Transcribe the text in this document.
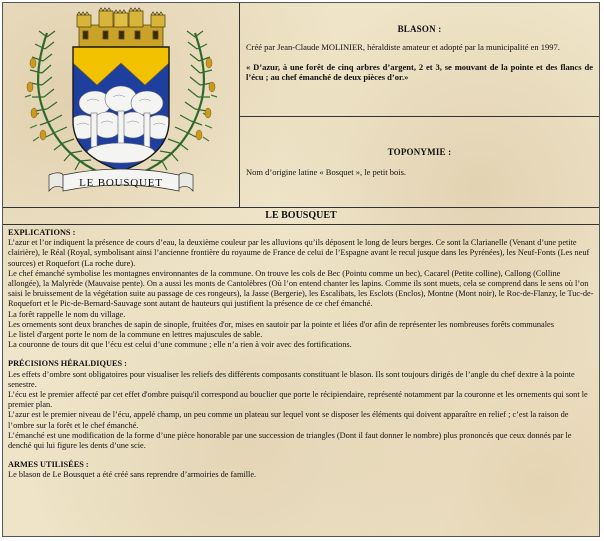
LE BOUSQUET
BLASON :
Créé par Jean-Claude MOLINIER, héraldiste amateur et adopté par la municipalité en 1997.
« D’azur, à une forêt de cinq arbres d’argent, 2 et 3, se mouvant de la pointe et des flancs de l’écu ; au chef émanché de deux pièces d’or.»
TOPONYMIE :
Nom d’origine latine « Bosquet », le petit bois.
LE BOUSQUET
EXPLICATIONS :

L’azur et l’or indiquent la présence de cours d’eau, la deuxième couleur par les alluvions qu’ils déposent le long de leurs berges. Ce sont la Clarianelle (Venant d’une petite clairière), le Réal (Royal, symbolisant ainsi l’ancienne frontière du royaume de France de celui de l’Espagne avant le recul jusque dans les Pyrénées), les Neuf-Fonts (Les neuf sources) et Roquefort (La roche dure).

Le chef émanché symbolise les montagnes environnantes de la commune. On trouve les cols de Bec (Pointu comme un bec), Cacarel (Petite colline), Callong (Colline allongée), la Malyrède (Mauvaise pente). On a aussi les monts de Cantolèbres (Où l’on entend chanter les lapins. Comme ils sont muets, cela se comprend dans le sens où l’on saisi le bruissement de la végétation suite au passage de ces rongeurs), la Jasse (Bergerie), les Escalibats, les Esclots (Enclos), Montne (Mont noir), le Roc-de-Flanzy, le Tuc-de-Roquefort et le Pic-de-Bernard-Sauvage sont autant de hauteurs qui justifient la présence de ce chef émanché.

La forêt rappelle le nom du village.

Les ornements sont deux branches de sapin de sinople, fruitées d'or, mises en sautoir par la pointe et liées d'or afin de représenter les nombreuses forêts communales

Le listel d'argent porte le nom de la commune en lettres majuscules de sable.

La couronne de tours dit que l’écu est celui d’une commune ; elle n’a rien à voir avec des fortifications.

PRÉCISIONS HÉRALDIQUES :

Les effets d’ombre sont obligatoires pour visualiser les reliefs des différents composants constituant le blason. Ils sont toujours dirigés de l’angle du chef dextre à la pointe senestre.

L’écu est le premier affecté par cet effet d'ombre puisqu'il correspond au bouclier que porte le récipiendaire, représenté notamment par la couronne et les ornements qui sont le premier plan.

L’azur est le premier niveau de l’écu, appelé champ, un peu comme un plateau sur lequel vont se disposer les éléments qui doivent apparaître en relief ; c’est la raison de l’ombre sur la forêt et le chef émanché.

L’émanché est une modification de la forme d’une pièce honorable par une succession de triangles (Dont il faut donner le nombre) plus prononcés que ceux donnés par le denché qui lui figure les dents d’une scie.

ARMES UTILISÉES :

Le blason de Le Bousquet a été créé sans reprendre d’armoiries de famille.
